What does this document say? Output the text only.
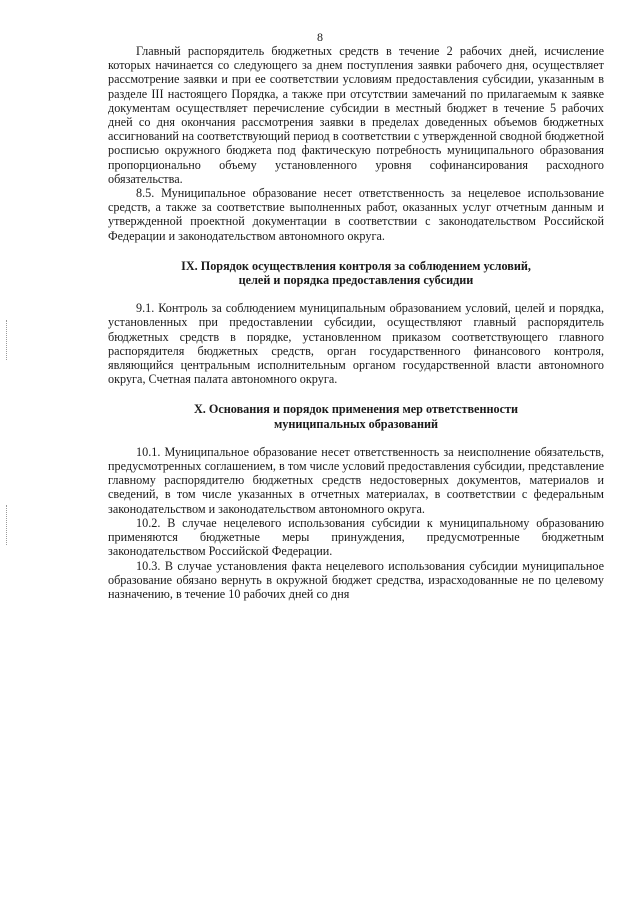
8

Главный распорядитель бюджетных средств в течение 2 рабочих дней, исчисление которых начинается со следующего за днем поступления заявки рабочего дня, осуществляет рассмотрение заявки и при ее соответствии условиям предоставления субсидии, указанным в разделе III настоящего Порядка, а также при отсутствии замечаний по прилагаемым к заявке документам осуществляет перечисление субсидии в местный бюджет в течение 5 рабочих дней со дня окончания рассмотрения заявки в пределах доведенных объемов бюджетных ассигнований на соответствующий период в соответствии с утвержденной сводной бюджетной росписью окружного бюджета под фактическую потребность муниципального образования пропорционально объему установленного уровня софинансирования расходного обязательства.

8.5. Муниципальное образование несет ответственность за нецелевое использование средств, а также за соответствие выполненных работ, оказанных услуг отчетным данным и утвержденной проектной документации в соответствии с законодательством Российской Федерации и законодательством автономного округа.

IX. Порядок осуществления контроля за соблюдением условий,
целей и порядка предоставления субсидии

9.1. Контроль за соблюдением муниципальным образованием условий, целей и порядка, установленных при предоставлении субсидии, осуществляют главный распорядитель бюджетных средств в порядке, установленном приказом соответствующего главного распорядителя бюджетных средств, орган государственного финансового контроля, являющийся центральным исполнительным органом государственной власти автономного округа, Счетная палата автономного округа.

X. Основания и порядок применения мер ответственности
муниципальных образований

10.1. Муниципальное образование несет ответственность за неисполнение обязательств, предусмотренных соглашением, в том числе условий предоставления субсидии, представление главному распорядителю бюджетных средств недостоверных документов, материалов и сведений, в том числе указанных в отчетных материалах, в соответствии с федеральным законодательством и законодательством автономного округа.

10.2. В случае нецелевого использования субсидии к муниципальному образованию применяются бюджетные меры принуждения, предусмотренные бюджетным законодательством Российской Федерации.

10.3. В случае установления факта нецелевого использования субсидии муниципальное образование обязано вернуть в окружной бюджет средства, израсходованные не по целевому назначению, в течение 10 рабочих дней со дня
